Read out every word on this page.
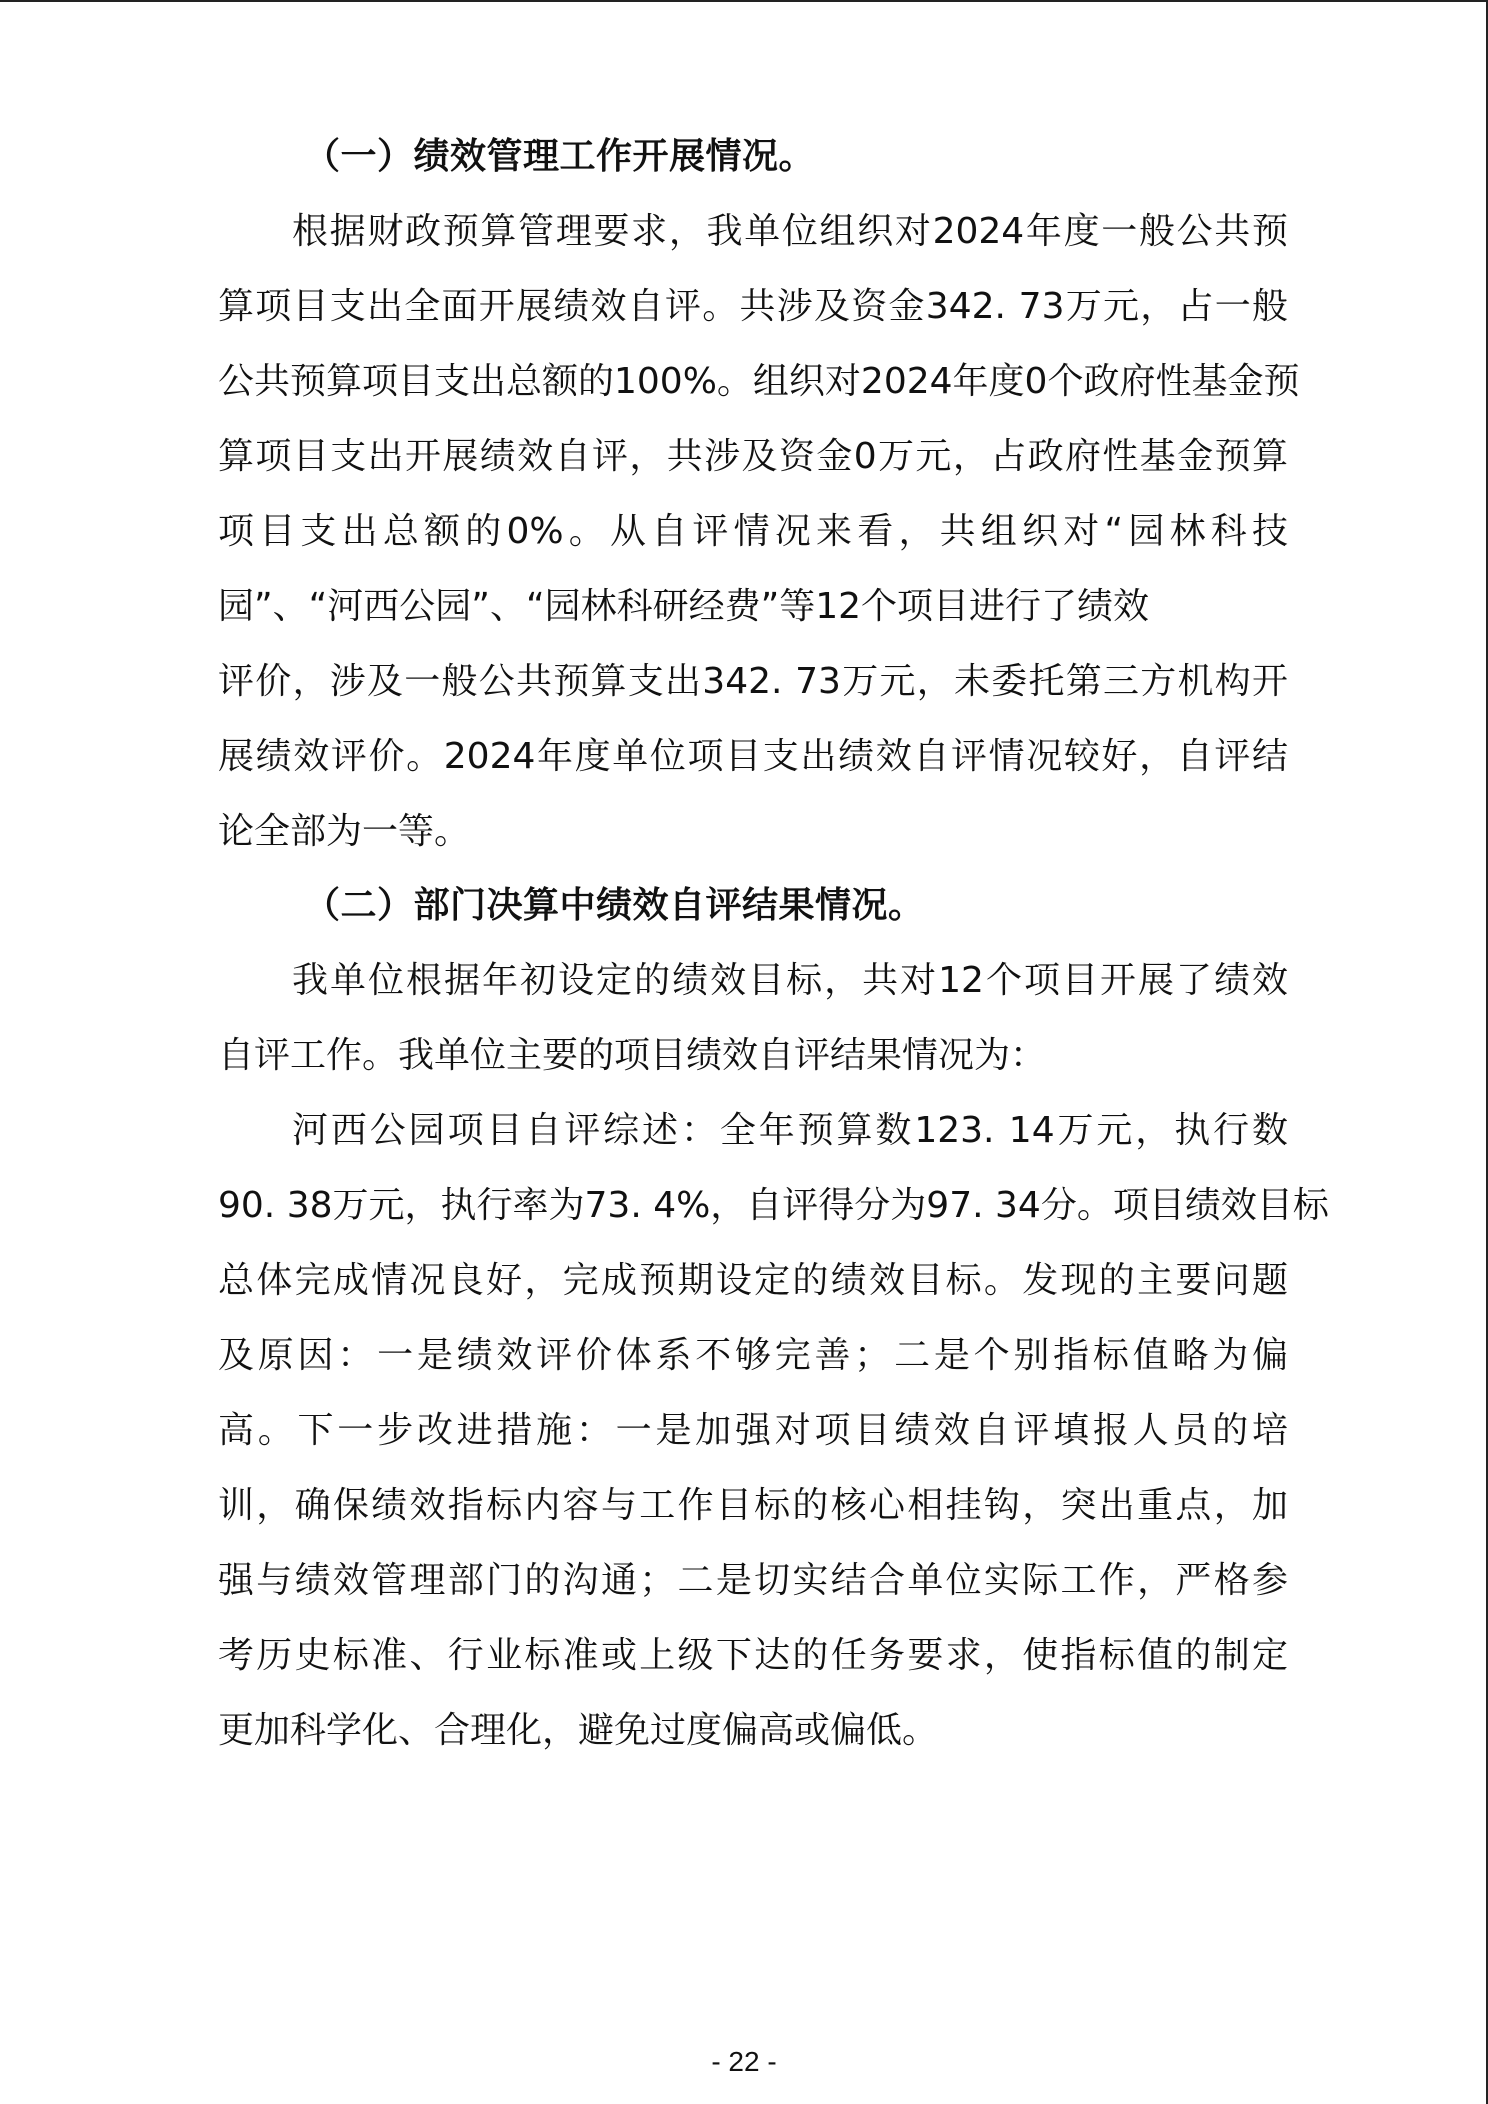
（一）绩效管理工作开展情况。
根据财政预算管理要求，我单位组织对2024年度一般公共预
算项目支出全面开展绩效自评。共涉及资金342. 73万元，占一般
公共预算项目支出总额的100%。组织对2024年度0个政府性基金预
算项目支出开展绩效自评，共涉及资金0万元，占政府性基金预算
项目支出总额的0%。从自评情况来看，共组织对“园林科技
园”、“河西公园”、“园林科研经费”等12个项目进行了绩效
评价，涉及一般公共预算支出342. 73万元，未委托第三方机构开
展绩效评价。2024年度单位项目支出绩效自评情况较好，自评结
论全部为一等。
（二）部门决算中绩效自评结果情况。
我单位根据年初设定的绩效目标，共对12个项目开展了绩效
自评工作。我单位主要的项目绩效自评结果情况为：
河西公园项目自评综述：全年预算数123. 14万元，执行数
90. 38万元，执行率为73. 4%，自评得分为97. 34分。项目绩效目标
总体完成情况良好，完成预期设定的绩效目标。发现的主要问题
及原因：一是绩效评价体系不够完善；二是个别指标值略为偏
高。下一步改进措施：一是加强对项目绩效自评填报人员的培
训，确保绩效指标内容与工作目标的核心相挂钩，突出重点，加
强与绩效管理部门的沟通；二是切实结合单位实际工作，严格参
考历史标准、行业标准或上级下达的任务要求，使指标值的制定
更加科学化、合理化，避免过度偏高或偏低。
- 22 -
